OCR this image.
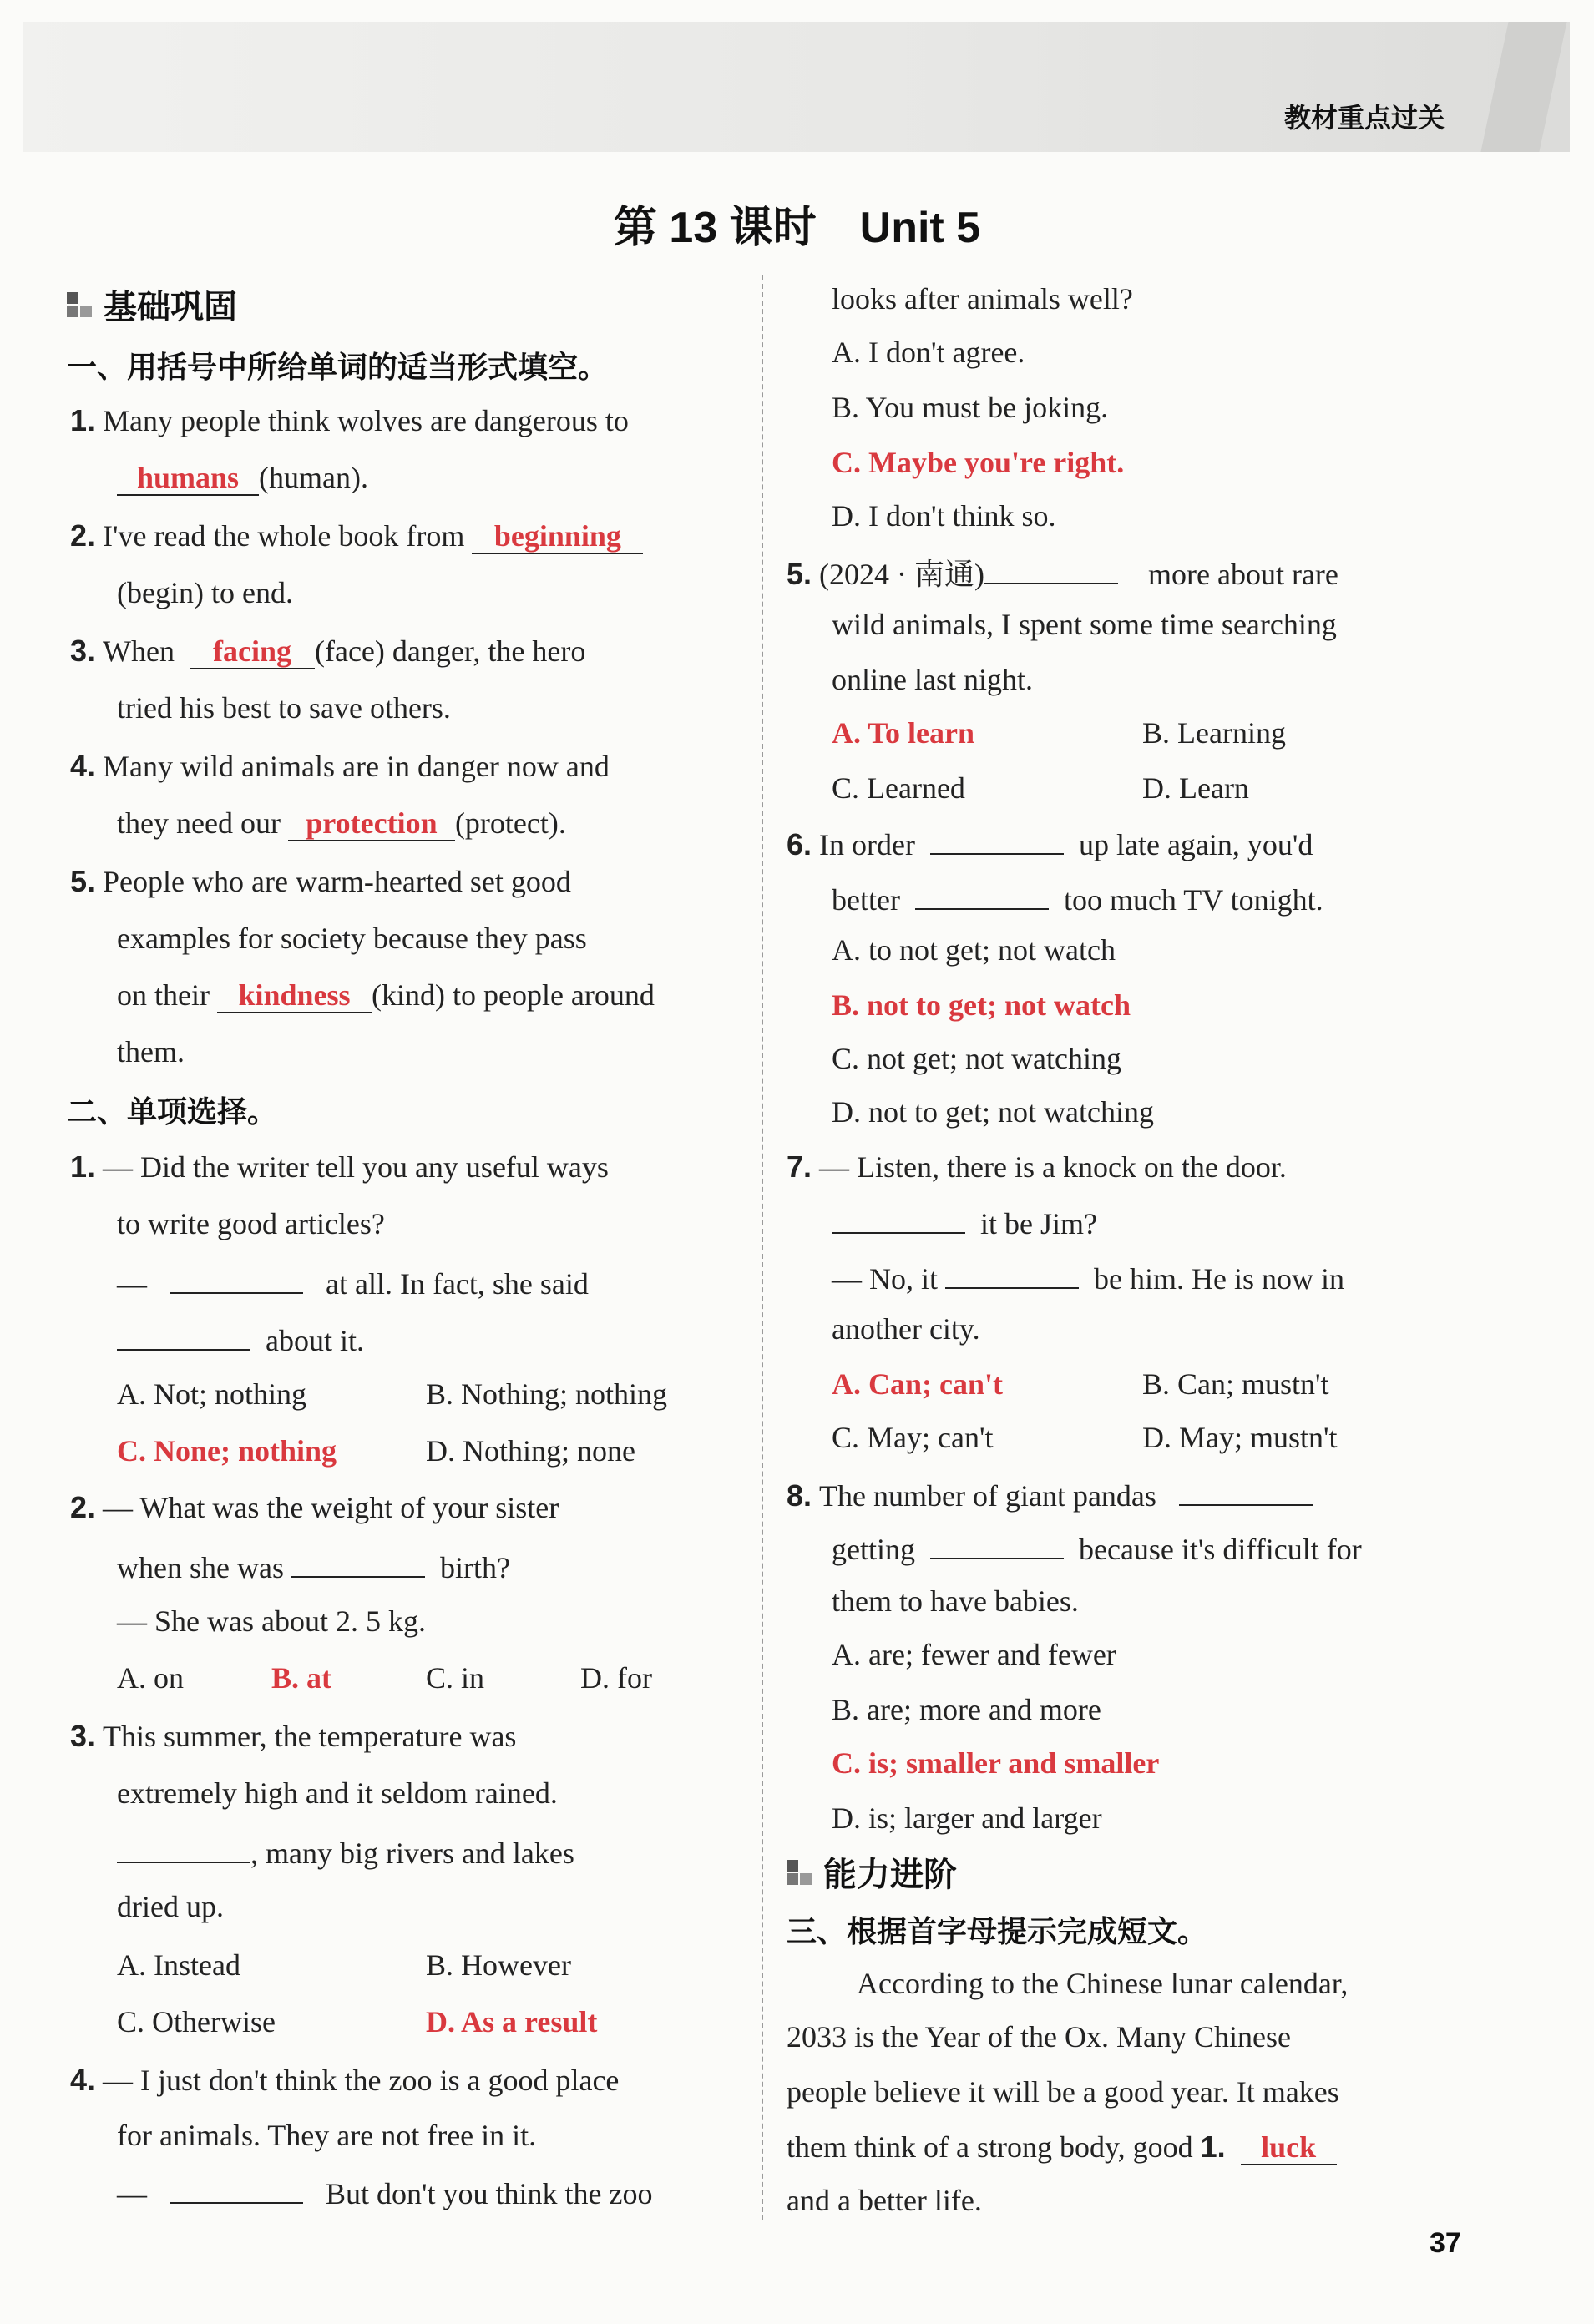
教材重点过关
第 13 课时　Unit 5
基础巩固
一、用括号中所给单词的适当形式填空。
1. Many people think wolves are dangerous to
humans (human).
2. I've read the whole book from beginning
(begin) to end.
3. When facing (face) danger, the hero
tried his best to save others.
4. Many wild animals are in danger now and
they need our protection (protect).
5. People who are warm-hearted set good
examples for society because they pass
on their kindness (kind) to people around
them.
二、单项选择。
1. — Did the writer tell you any useful ways
to write good articles?
—	at all. In fact, she said
about it.
A. Not; nothing	B. Nothing; nothing
C. None; nothing	D. Nothing; none
2. — What was the weight of your sister
when she was	birth?
— She was about 2. 5 kg.
A. on	B. at	C. in	D. for
3. This summer, the temperature was
extremely high and it seldom rained.
, many big rivers and lakes
dried up.
A. Instead	B. However
C. Otherwise	D. As a result
4. — I just don't think the zoo is a good place
for animals. They are not free in it.
—	But don't you think the zoo
looks after animals well?
A. I don't agree.
B. You must be joking.
C. Maybe you're right.
D. I don't think so.
5. (2024 · 南通)	more about rare
wild animals, I spent some time searching
online last night.
A. To learn	B. Learning
C. Learned	D. Learn
6. In order	up late again, you'd
better	too much TV tonight.
A. to not get; not watch
B. not to get; not watch
C. not get; not watching
D. not to get; not watching
7. — Listen, there is a knock on the door.
it be Jim?
— No, it	be him. He is now in
another city.
A. Can; can't	B. Can; mustn't
C. May; can't	D. May; mustn't
8. The number of giant pandas
getting	because it's difficult for
them to have babies.
A. are; fewer and fewer
B. are; more and more
C. is; smaller and smaller
D. is; larger and larger
能力进阶
三、根据首字母提示完成短文。
According to the Chinese lunar calendar,
2033 is the Year of the Ox. Many Chinese
people believe it will be a good year. It makes
them think of a strong body, good 1. luck
and a better life.
37
